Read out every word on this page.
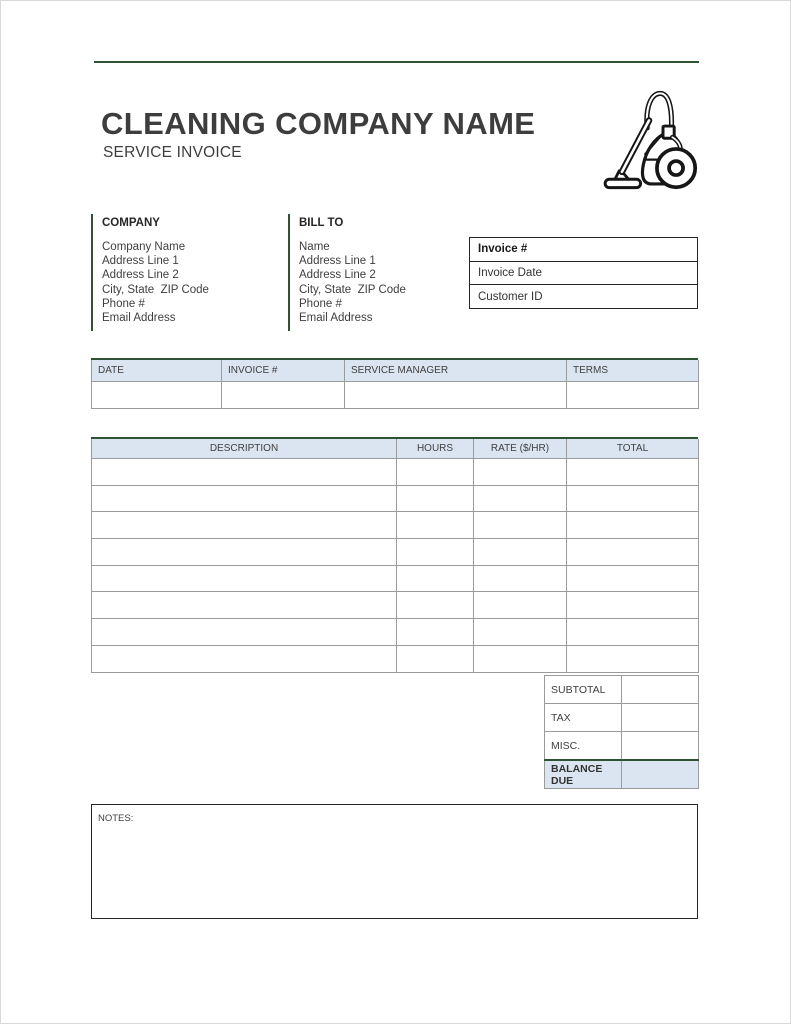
CLEANING COMPANY NAME
SERVICE INVOICE
COMPANY
Company Name
Address Line 1
Address Line 2
City, State  ZIP Code
Phone #
Email Address
BILL TO
Name
Address Line 1
Address Line 2
City, State  ZIP Code
Phone #
Email Address
Invoice #
Invoice Date
Customer ID
DATE	INVOICE #	SERVICE MANAGER	TERMS

DESCRIPTION	HOURS	RATE ($/HR)	TOTAL

SUBTOTAL	
TAX	
MISC.	
BALANCE DUE	
NOTES:
